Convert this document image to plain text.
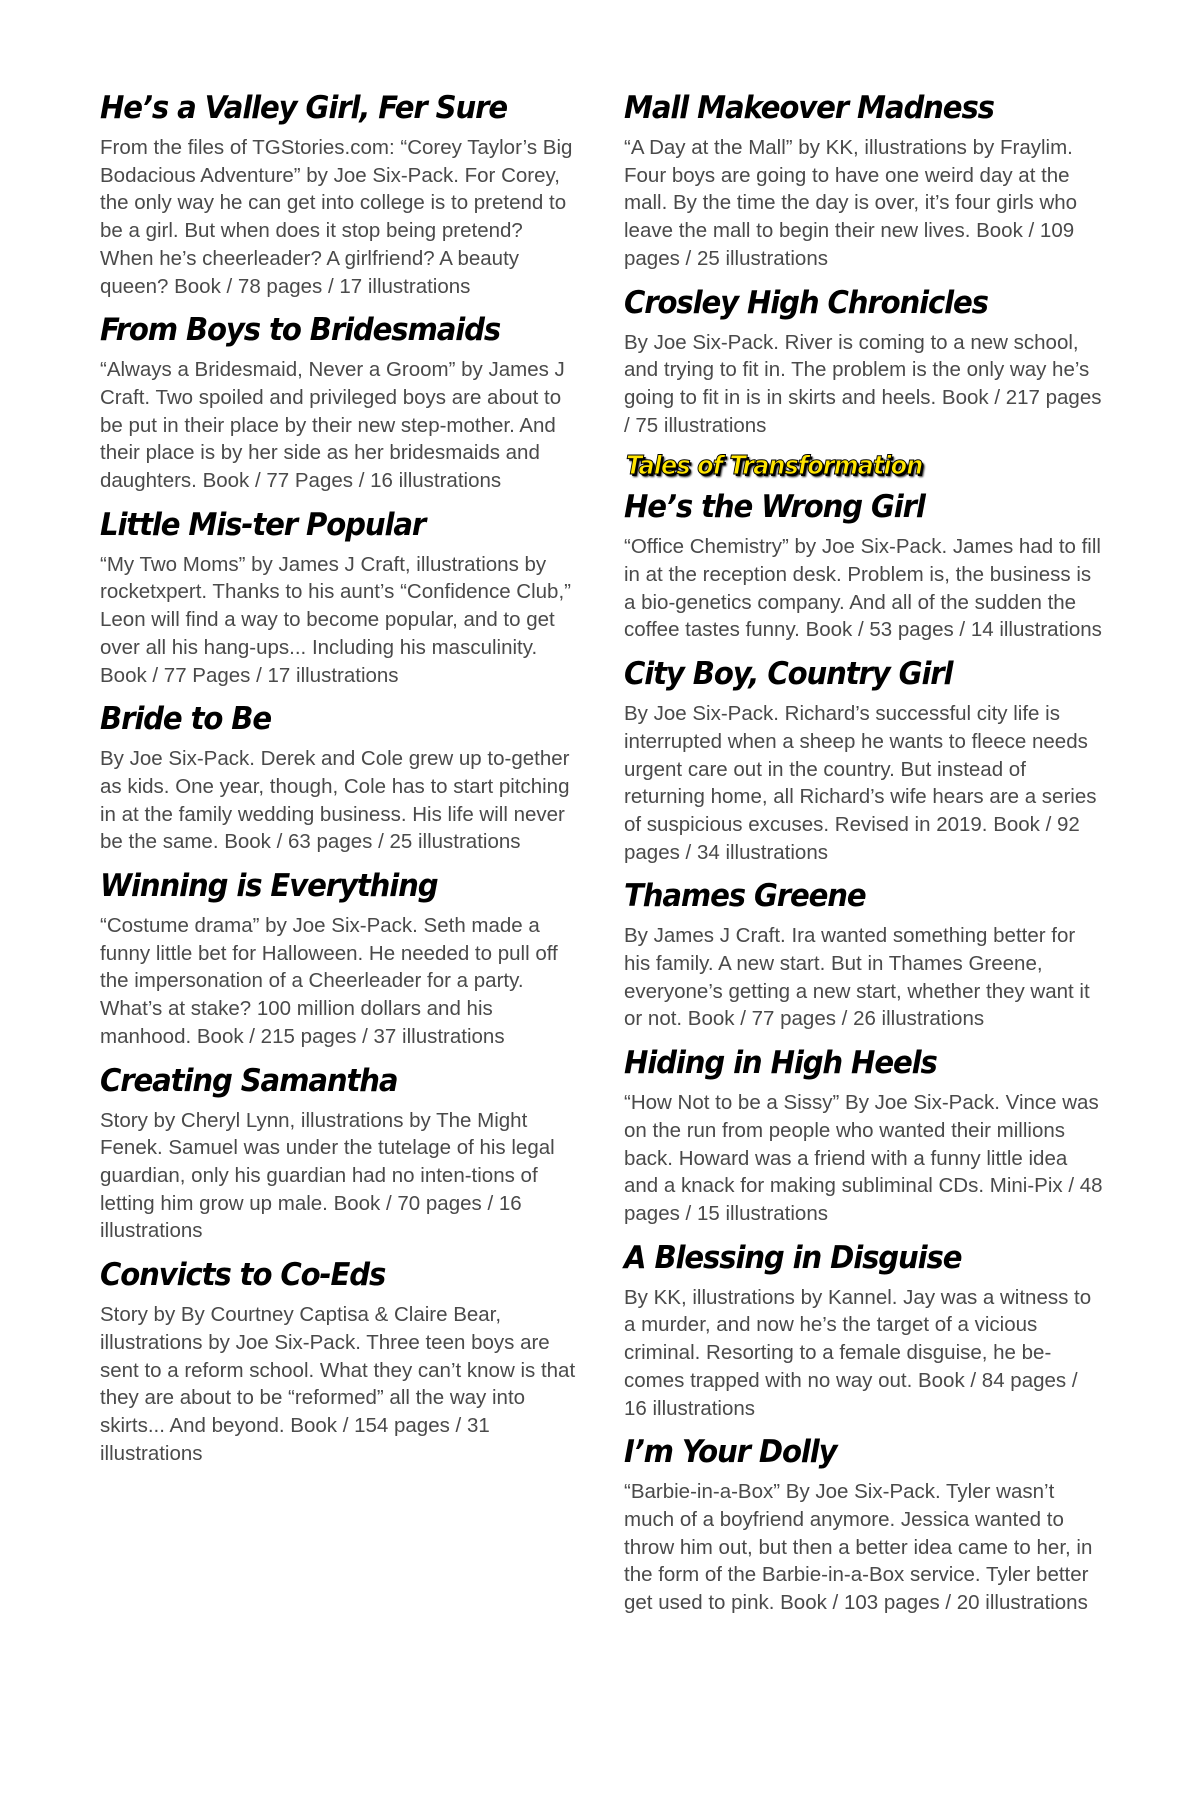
He’s a Valley Girl, Fer Sure

From the files of TGStories.com: “Corey Taylor’s Big Bodacious Adventure” by Joe Six-Pack. For Corey, the only way he can get into college is to pretend to be a girl. But when does it stop being pretend? When he’s cheerleader? A girlfriend? A beauty queen? Book / 78 pages / 17 illustrations

From Boys to Bridesmaids

“Always a Bridesmaid, Never a Groom” by James J Craft. Two spoiled and privileged boys are about to be put in their place by their new step-mother. And their place is by her side as her bridesmaids and daughters. Book / 77 Pages / 16 illustrations

Little Mis-ter Popular

“My Two Moms” by James J Craft, illustrations by rocketxpert. Thanks to his aunt’s “Confidence Club,” Leon will find a way to become popular, and to get over all his hang-ups... Including his masculinity. Book / 77 Pages / 17 illustrations

Bride to Be

By Joe Six-Pack. Derek and Cole grew up to-gether as kids. One year, though, Cole has to start pitching in at the family wedding business. His life will never be the same. Book / 63 pages / 25 illustrations

Winning is Everything

“Costume drama” by Joe Six-Pack. Seth made a funny little bet for Halloween. He needed to pull off the impersonation of a Cheerleader for a party. What’s at stake? 100 million dollars and his manhood. Book / 215 pages / 37 illustrations

Creating Samantha

Story by Cheryl Lynn, illustrations by The Might Fenek. Samuel was under the tutelage of his legal guardian, only his guardian had no inten-tions of letting him grow up male. Book / 70 pages / 16 illustrations

Convicts to Co-Eds

Story by By Courtney Captisa & Claire Bear, illustrations by Joe Six-Pack. Three teen boys are sent to a reform school. What they can’t know is that they are about to be “reformed” all the way into skirts... And beyond. Book / 154 pages / 31 illustrations

Mall Makeover Madness

“A Day at the Mall” by KK, illustrations by Fraylim. Four boys are going to have one weird day at the mall. By the time the day is over, it’s four girls who leave the mall to begin their new lives. Book / 109 pages / 25 illustrations

Crosley High Chronicles

By Joe Six-Pack. River is coming to a new school, and trying to fit in. The problem is the only way he’s going to fit in is in skirts and heels. Book / 217 pages / 75 illustrations

Tales of Transformation
He’s the Wrong Girl

“Office Chemistry” by Joe Six-Pack. James had to fill in at the reception desk. Problem is, the business is a bio-genetics company. And all of the sudden the coffee tastes funny. Book / 53 pages / 14 illustrations

City Boy, Country Girl

By Joe Six-Pack. Richard’s successful city life is interrupted when a sheep he wants to fleece needs urgent care out in the country. But instead of returning home, all Richard’s wife hears are a series of suspicious excuses. Revised in 2019. Book / 92 pages / 34 illustrations

Thames Greene

By James J Craft. Ira wanted something better for his family. A new start. But in Thames Greene, everyone’s getting a new start, whether they want it or not. Book / 77 pages / 26 illustrations

Hiding in High Heels

“How Not to be a Sissy” By Joe Six-Pack. Vince was on the run from people who wanted their millions back. Howard was a friend with a funny little idea and a knack for making subliminal CDs. Mini-Pix / 48 pages / 15 illustrations

A Blessing in Disguise

By KK, illustrations by Kannel. Jay was a witness to a murder, and now he’s the target of a vicious criminal. Resorting to a female disguise, he be-comes trapped with no way out. Book / 84 pages / 16 illustrations

I’m Your Dolly

“Barbie-in-a-Box” By Joe Six-Pack. Tyler wasn’t much of a boyfriend anymore. Jessica wanted to throw him out, but then a better idea came to her, in the form of the Barbie-in-a-Box service. Tyler better get used to pink. Book / 103 pages / 20 illustrations
